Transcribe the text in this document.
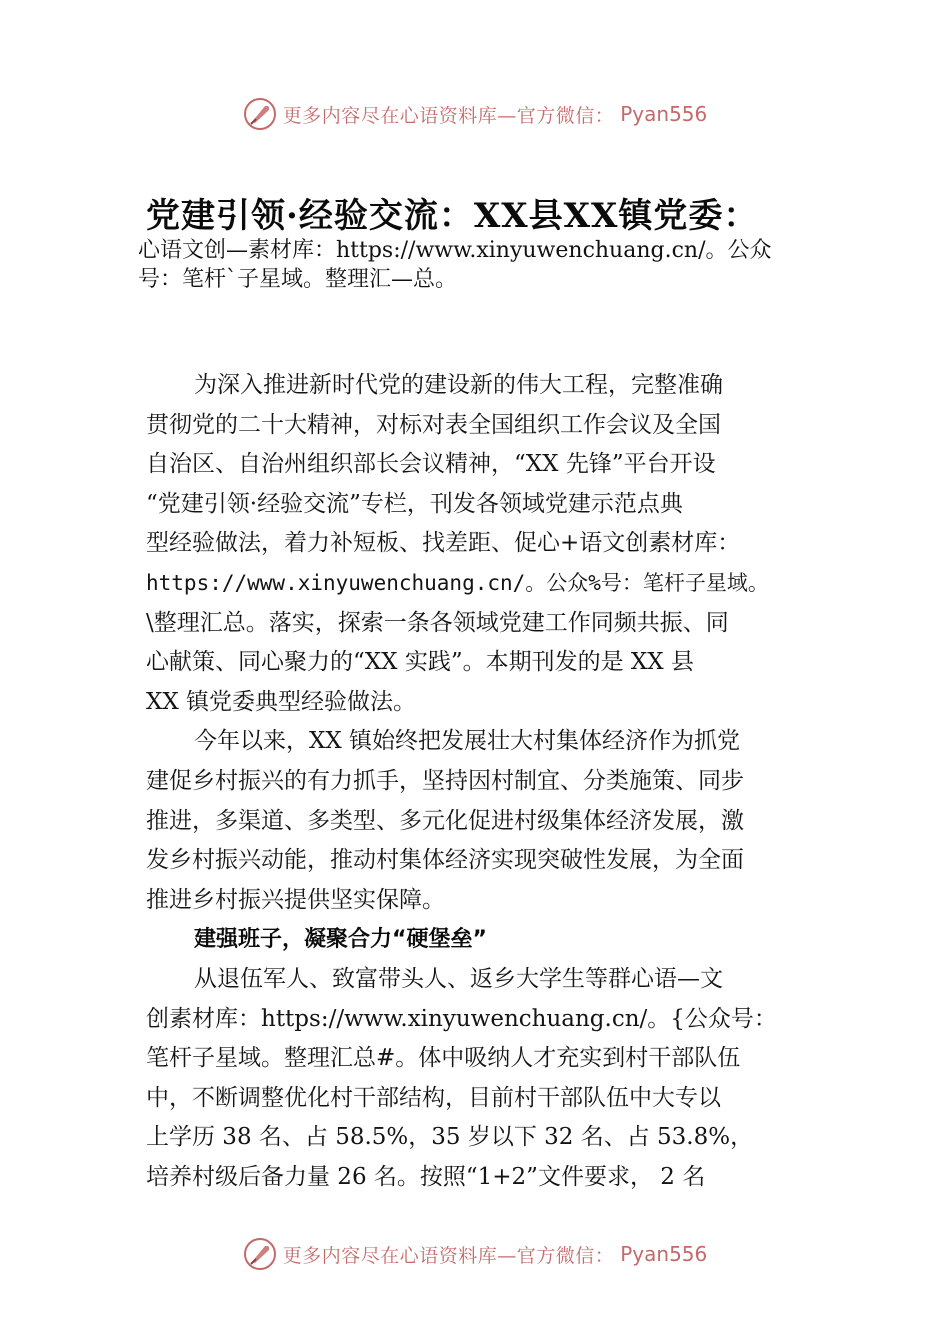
更多内容尽在心语资料库—官方微信： Pyan556
党建引领·经验交流：XX县XX镇党委：
心语文创—素材库：https://www.xinyuwenchuang.cn/。公众
号：笔杆`子星域。整理汇—总。
为深入推进新时代党的建设新的伟大工程，完整准确
贯彻党的二十大精神，对标对表全国组织工作会议及全国
自治区、自治州组织部长会议精神，“XX 先锋”平台开设
“党建引领·经验交流”专栏，刊发各领域党建示范点典
型经验做法，着力补短板、找差距、促心+语文创素材库：
https://www.xinyuwenchuang.cn/。公众%号：笔杆子星域。
\整理汇总。落实，探索一条各领域党建工作同频共振、同
心献策、同心聚力的“XX 实践”。本期刊发的是 XX 县
XX 镇党委典型经验做法。
今年以来，XX 镇始终把发展壮大村集体经济作为抓党
建促乡村振兴的有力抓手，坚持因村制宜、分类施策、同步
推进，多渠道、多类型、多元化促进村级集体经济发展，激
发乡村振兴动能，推动村集体经济实现突破性发展，为全面
推进乡村振兴提供坚实保障。
建强班子，凝聚合力“硬堡垒”
从退伍军人、致富带头人、返乡大学生等群心语—文
创素材库：https://www.xinyuwenchuang.cn/。{公众号：
笔杆子星域。整理汇总#。体中吸纳人才充实到村干部队伍
中，不断调整优化村干部结构，目前村干部队伍中大专以
上学历 38 名、占 58.5%，35 岁以下 32 名、占 53.8%，
培养村级后备力量 26 名。按照“1+2”文件要求， 2 名
更多内容尽在心语资料库—官方微信： Pyan556
